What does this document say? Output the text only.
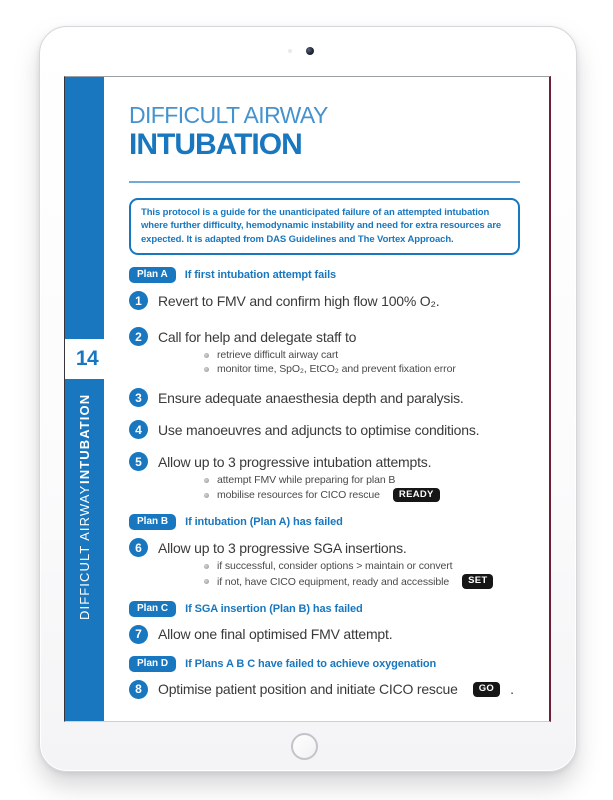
DIFFICULT AIRWAY
INTUBATION
14
DIFFICULT AIRWAY
INTUBATION
This protocol is a guide for the unanticipated failure of an attempted intubation where further difficulty, hemodynamic instability and need for extra resources are expected. It is adapted from DAS Guidelines and The Vortex Approach.
Plan A	If first intubation attempt fails
1	Revert to FMV and confirm high flow 100% O₂.
2	Call for help and delegate staff to
retrieve difficult airway cart
monitor time, SpO₂, EtCO₂ and prevent fixation error
3	Ensure adequate anaesthesia depth and paralysis.
4	Use manoeuvres and adjuncts to optimise conditions.
5	Allow up to 3 progressive intubation attempts.
attempt FMV while preparing for plan B
mobilise resources for CICO rescue	READY
Plan B	If intubation (Plan A) has failed
6	Allow up to 3 progressive SGA insertions.
if successful, consider options > maintain or convert
if not, have CICO equipment, ready and accessible	SET
Plan C	If SGA insertion (Plan B) has failed
7	Allow one final optimised FMV attempt.
Plan D	If Plans A B C have failed to achieve oxygenation
8	Optimise patient position and initiate CICO rescue	GO	.
